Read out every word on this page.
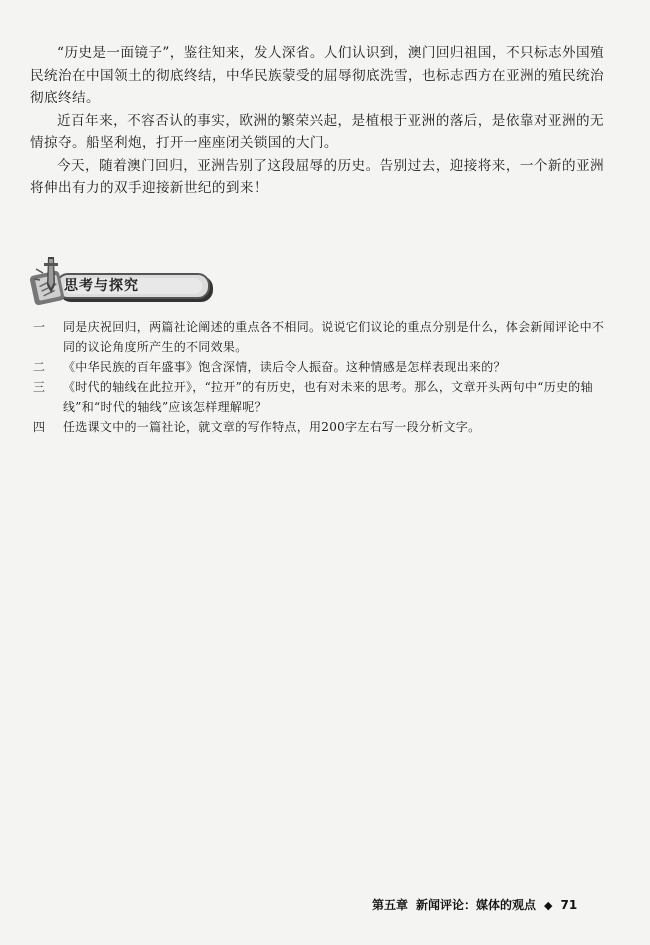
“历史是一面镜子”，鉴往知来，发人深省。人们认识到，澳门回归祖国，不只标志外国殖民统治在中国领土的彻底终结，中华民族蒙受的屈辱彻底洗雪，也标志西方在亚洲的殖民统治彻底终结。

近百年来，不容否认的事实，欧洲的繁荣兴起，是植根于亚洲的落后，是依靠对亚洲的无情掠夺。船坚利炮，打开一座座闭关锁国的大门。

今天，随着澳门回归，亚洲告别了这段屈辱的历史。告别过去，迎接将来，一个新的亚洲将伸出有力的双手迎接新世纪的到来！

思考与探究

一 同是庆祝回归，两篇社论阐述的重点各不相同。说说它们议论的重点分别是什么，体会新闻评论中不同的议论角度所产生的不同效果。

二 《中华民族的百年盛事》饱含深情，读后令人振奋。这种情感是怎样表现出来的？

三 《时代的轴线在此拉开》，“拉开”的有历史，也有对未来的思考。那么，文章开头两句中“历史的轴线”和“时代的轴线”应该怎样理解呢？

四 任选课文中的一篇社论，就文章的写作特点，用200字左右写一段分析文字。

第五章 新闻评论：媒体的观点 ◆ 71
